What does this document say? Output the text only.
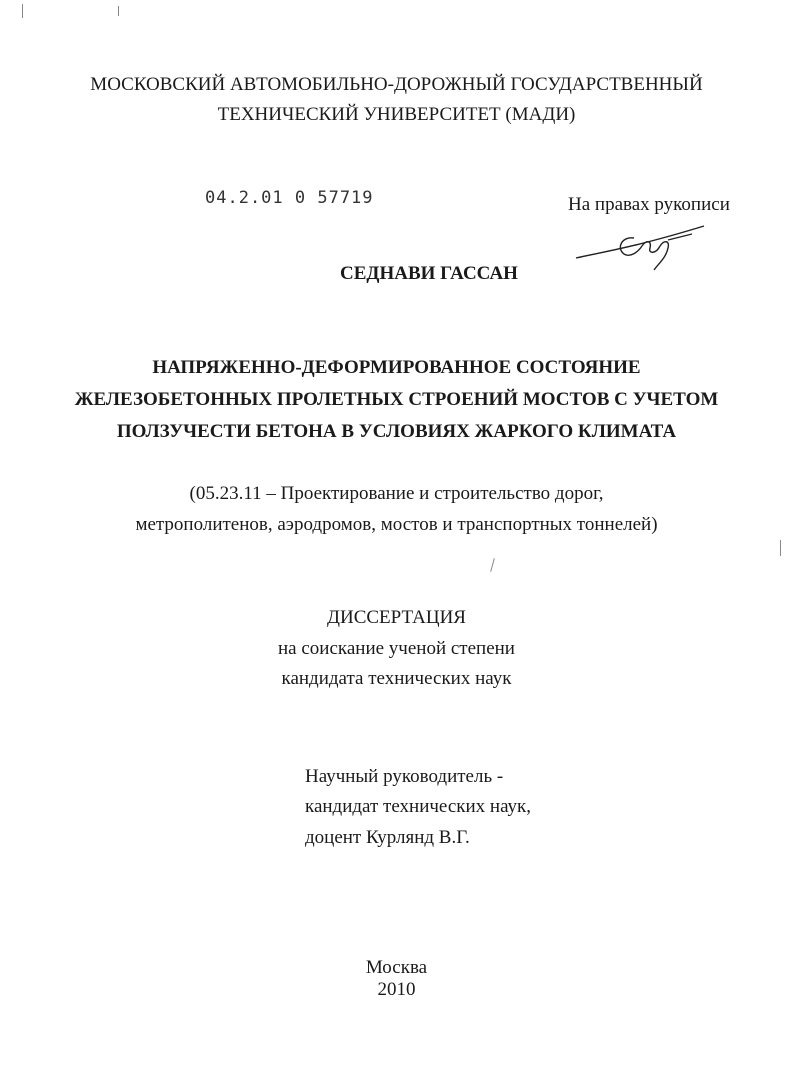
МОСКОВСКИЙ АВТОМОБИЛЬНО-ДОРОЖНЫЙ ГОСУДАРСТВЕННЫЙ
ТЕХНИЧЕСКИЙ УНИВЕРСИТЕТ (МАДИ)
04.2.01 0 57719	На правах рукописи
СЕДНАВИ ГАССАН
НАПРЯЖЕННО-ДЕФОРМИРОВАННОЕ СОСТОЯНИЕ
ЖЕЛЕЗОБЕТОННЫХ ПРОЛЕТНЫХ СТРОЕНИЙ МОСТОВ С УЧЕТОМ
ПОЛЗУЧЕСТИ БЕТОНА В УСЛОВИЯХ ЖАРКОГО КЛИМАТА
(05.23.11 – Проектирование и строительство дорог,
метрополитенов, аэродромов, мостов и транспортных тоннелей)
ДИССЕРТАЦИЯ
на соискание ученой степени
кандидата технических наук
Научный руководитель -
кандидат технических наук,
доцент Курлянд В.Г.
Москва
2010
